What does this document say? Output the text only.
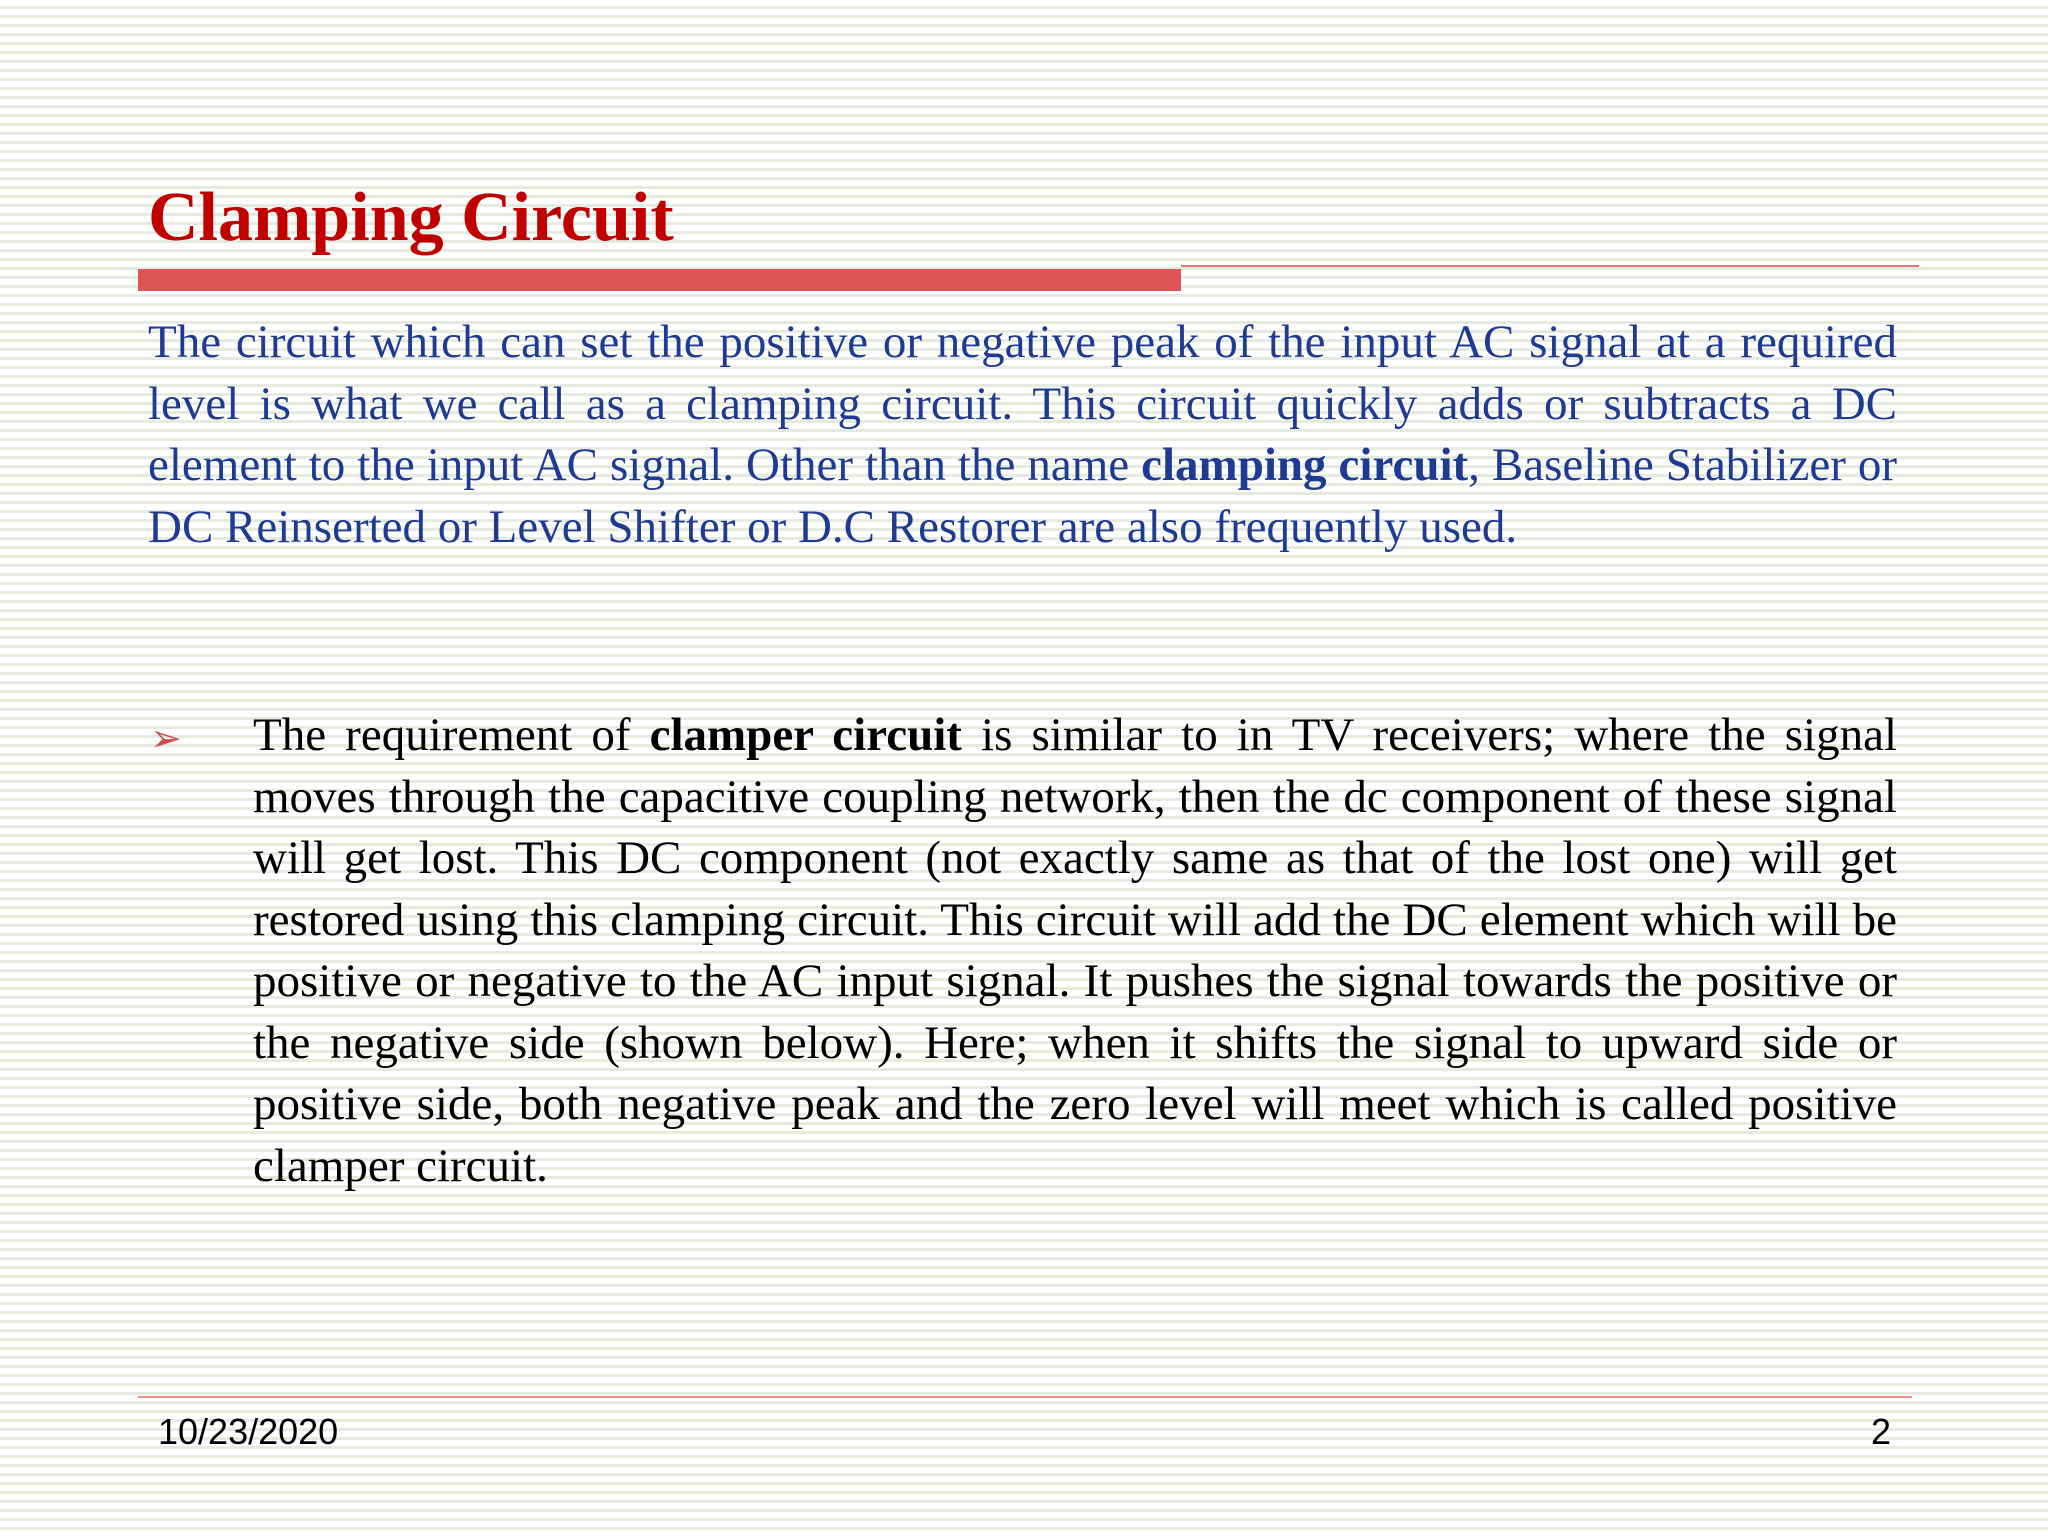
Clamping Circuit

The circuit which can set the positive or negative peak of the input AC signal at a required level is what we call as a clamping circuit. This circuit quickly adds or subtracts a DC element to the input AC signal. Other than the name clamping circuit, Baseline Stabilizer or DC Reinserted or Level Shifter or D.C Restorer are also frequently used.

➢ The requirement of clamper circuit is similar to in TV receivers; where the signal moves through the capacitive coupling network, then the dc component of these signal will get lost. This DC component (not exactly same as that of the lost one) will get restored using this clamping circuit. This circuit will add the DC element which will be positive or negative to the AC input signal. It pushes the signal towards the positive or the negative side (shown below). Here; when it shifts the signal to upward side or positive side, both negative peak and the zero level will meet which is called positive clamper circuit.

10/23/2020	2
